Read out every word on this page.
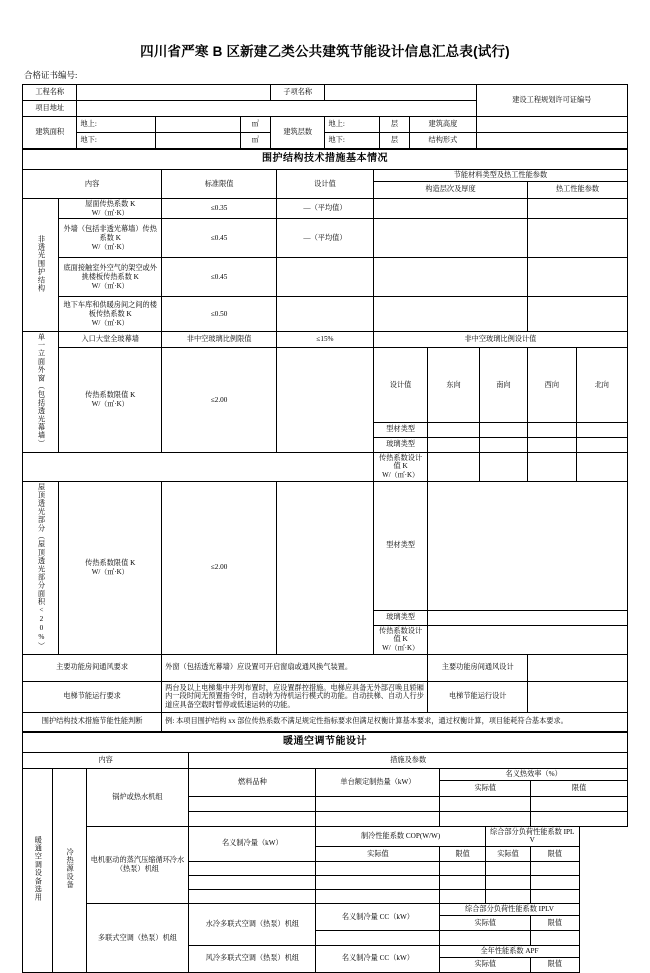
四川省严寒 B 区新建乙类公共建筑节能设计信息汇总表(试行)
合格证书编号:
工程名称				子项名称				建设工程规划许可证编号
项目地址								
建筑面积	地上:		㎡	建筑层数	地上:	层	建筑高度	
	地下:		㎡		地下:	层	结构形式	
围护结构技术措施基本情况								
内容		标准限值	设计值	节能材料类型及热工性能参数				
				构造层次及厚度			热工性能参数	
非透光围护结构	屋面传热系数 K
W/（㎡·K）	≤0.35	—（平均值）					

	外墙（包括非透光幕墙）传热系数 K
W/（㎡·K）	≤0.45	—（平均值）					

	底面接触室外空气的架空或外挑楼板传热系数 K
W/（㎡·K）	≤0.45						

	地下车库和供暖房间之间的楼板传热系数 K
W/（㎡·K）	≤0.50						
单一立面外窗（包括透光幕墙）	入口大堂全玻幕墙	非中空玻璃比例限值	≤15%	非中空玻璃比例设计值				

	传热系数限值 K
W/（㎡·K）	≤2.00		设计值	东向	南向	西向	北向
				型材类型				
				玻璃类型				

				传热系数设计值 K
W/（㎡·K）				

屋顶透光部分（屋顶透光部分面积<20%）	传热系数限值 K
W/（㎡·K）	≤2.00		型材类型				
				玻璃类型				

				传热系数设计值 K
W/（㎡·K）				

主要功能房间通风要求		外窗（包括透光幕墙）应设置可开启窗扇或通风换气装置。			主要功能房间通风设计			
电梯节能运行要求		两台及以上电梯集中并列布置时，应设置群控措施。电梯应具备无外部召唤且轿厢内一段时间无预置指令时，自动转为待机运行模式的功能。自动扶梯、自动人行步道应具备空载时暂停或低速运转的功能。			电梯节能运行设计			
围护结构技术措施节能性能判断		例: 本项目围护结构 xx 部位传热系数不满足规定性指标要求但满足权衡计算基本要求，通过权衡计算，项目能耗符合基本要求。						
暖通空调节能设计							
内容			措施及参数				
暖通空调设备选用	冷热源设备	锅炉或热水机组	燃料品种	单台额定制热量（kW）	名义热效率（%）		
					实际值		限值

		电机驱动的蒸汽压缩循环冷水（热泵）机组	名义制冷量（kW）	制冷性能系数 COP(W/W)		综合部分负荷性能系数 IPLV	
				实际值	限值	实际值	限值

		多联式空调（热泵）机组	水冷多联式空调（热泵）机组	名义制冷量 CC（kW）	综合部分负荷性能系数 IPLV		
					实际值		限值

			风冷多联式空调（热泵）机组	名义制冷量 CC（kW）	全年性能系数 APF		
					实际值		限值
